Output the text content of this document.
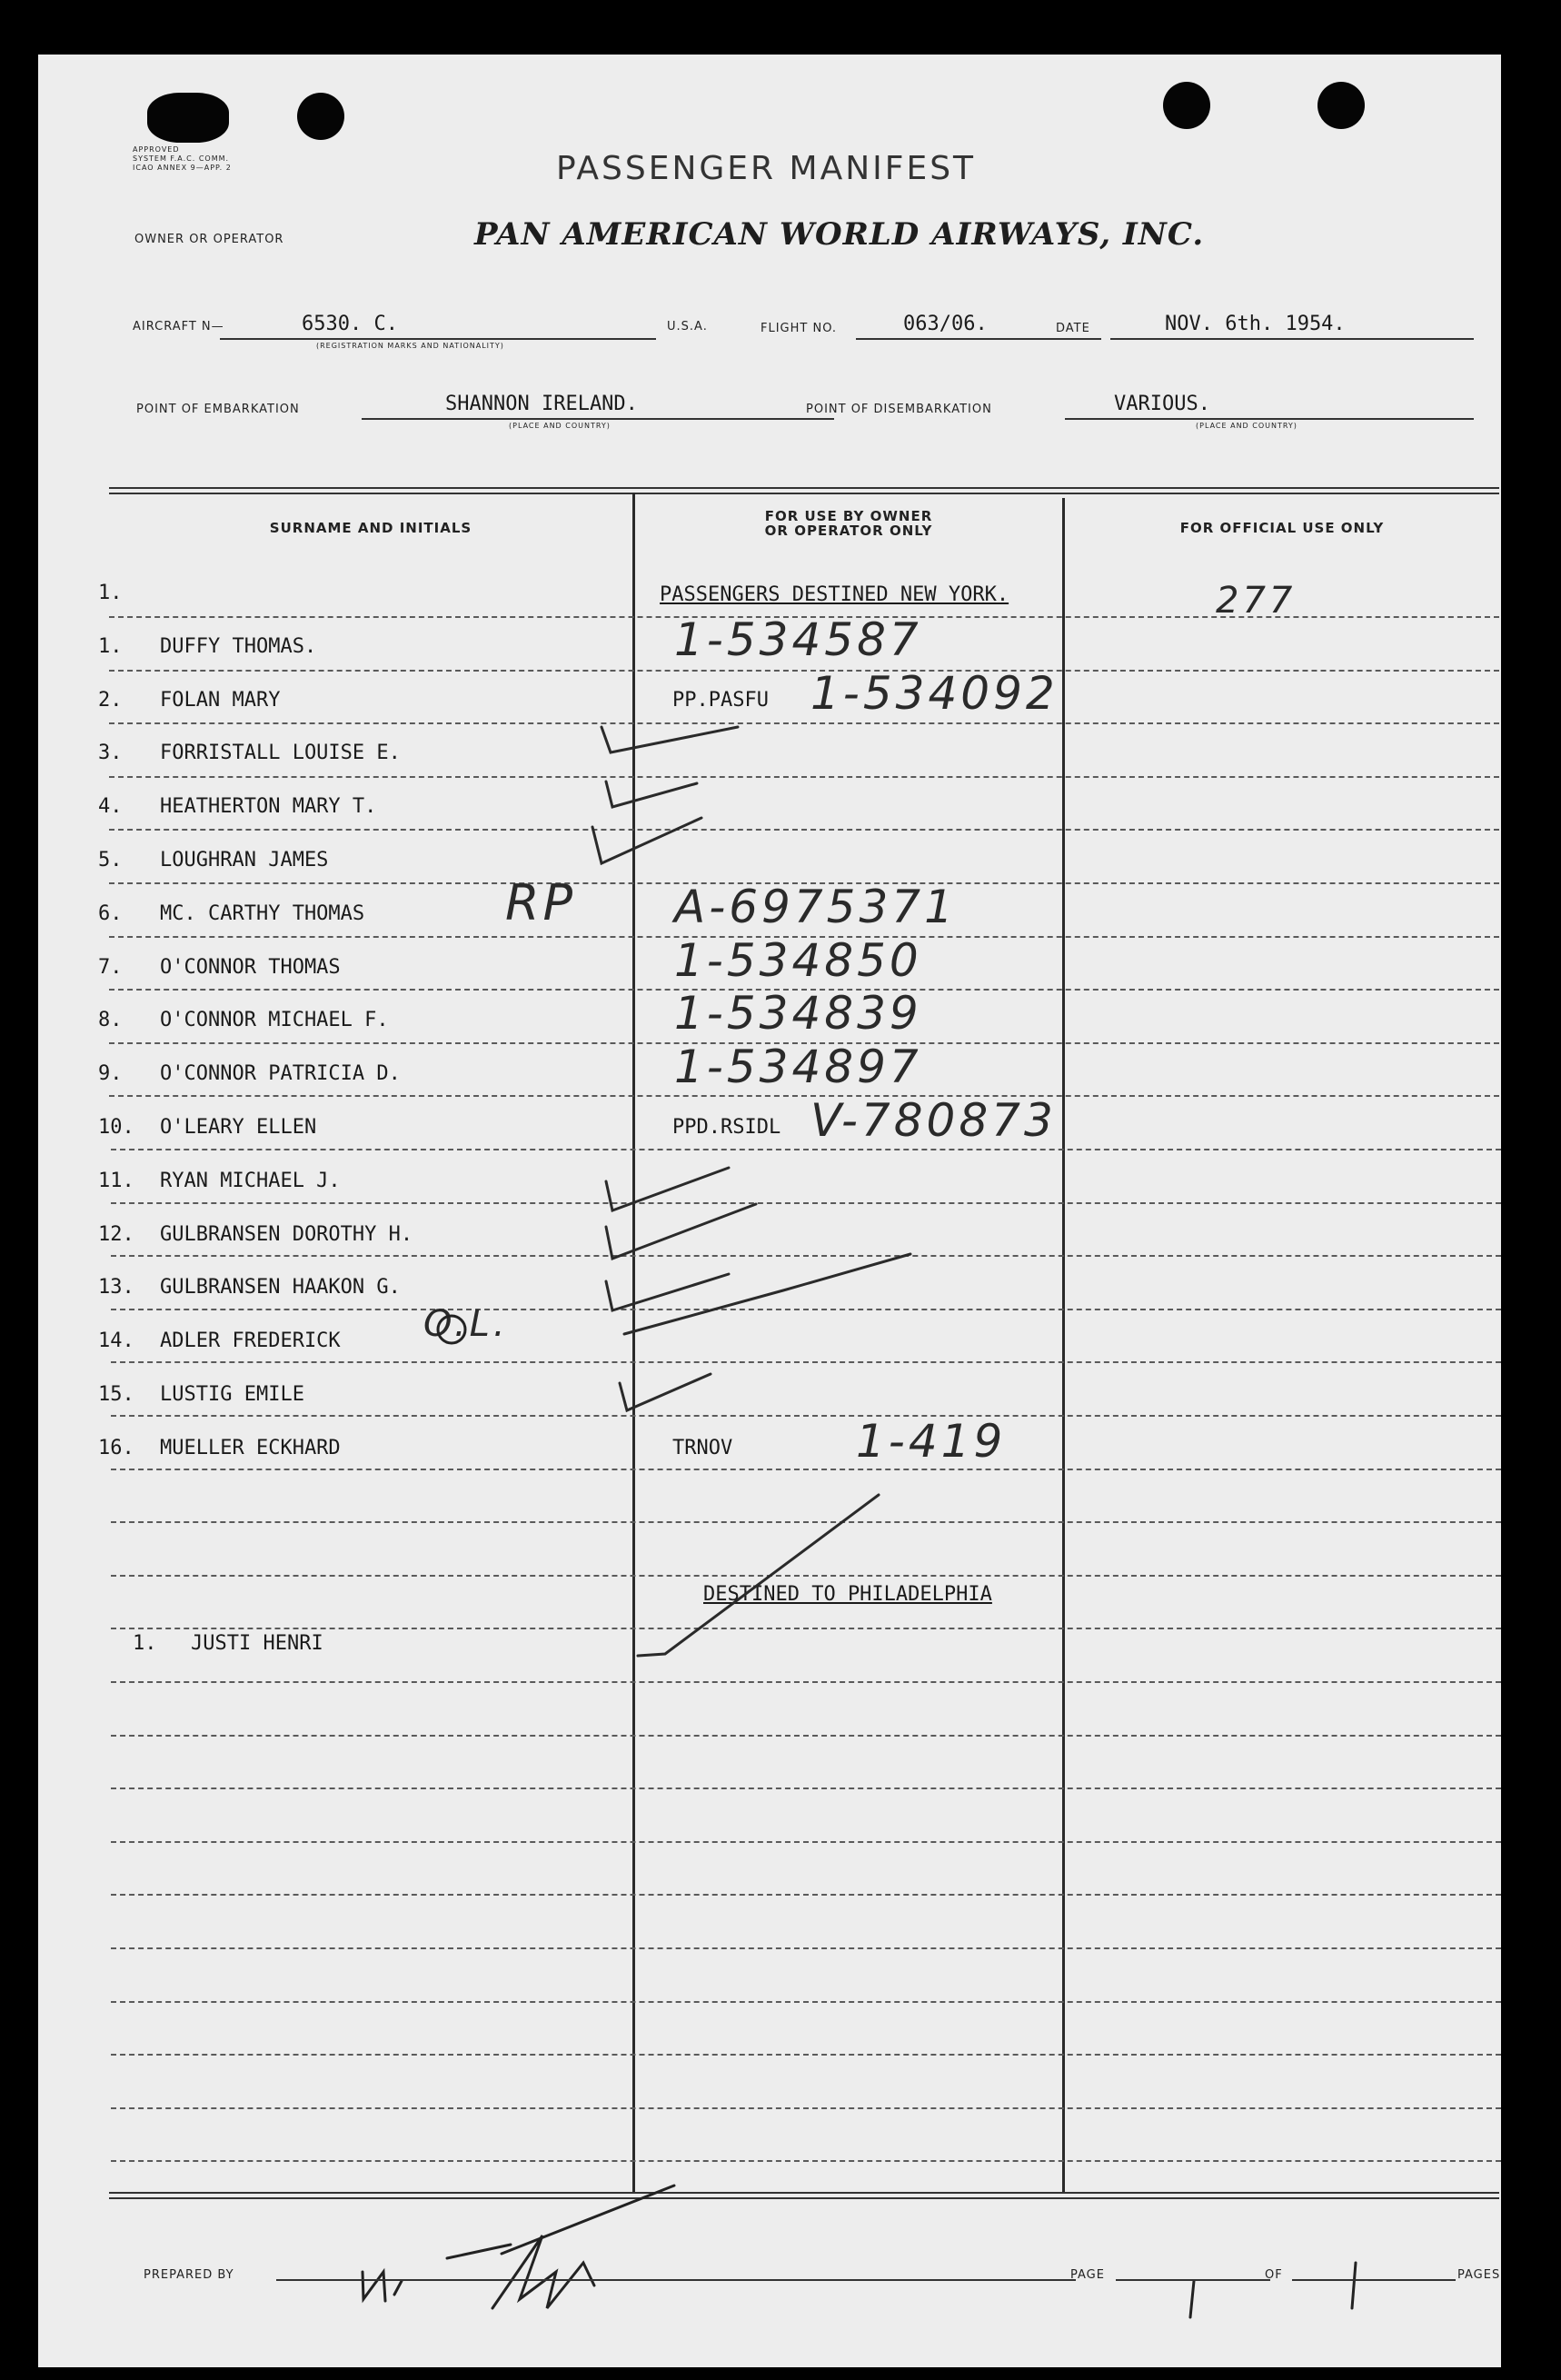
APPROVED
SYSTEM F.A.C. COMM.
ICAO ANNEX 9—APP. 2	PASSENGER MANIFEST
OWNER OR OPERATOR	PAN AMERICAN WORLD AIRWAYS, INC.
AIRCRAFT N—	6530. C.
(REGISTRATION MARKS AND NATIONALITY)
U.S.A.	FLIGHT NO.	063/06.	DATE	NOV. 6th. 1954.
POINT OF EMBARKATION	SHANNON IRELAND.
(PLACE AND COUNTRY)
POINT OF DISEMBARKATION	VARIOUS.
(PLACE AND COUNTRY)
SURNAME AND INITIALS
FOR USE BY OWNER
OR OPERATOR ONLY	FOR OFFICIAL USE ONLY
PASSENGERS DESTINED NEW YORK.	277
1.
1. DUFFY THOMAS.	1-534587
2. FOLAN MARY	PP.PASFU 1-534092
3. FORRISTALL LOUISE E.
4. HEATHERTON MARY T.
5. LOUGHRAN JAMES
6. MC. CARTHY THOMAS	A-6975371
7. O'CONNOR THOMAS	1-534850
8. O'CONNOR MICHAEL F.	1-534839
9. O'CONNOR PATRICIA D.	1-534897
10. O'LEARY ELLEN	PPD.RSIDL V-780873
11. RYAN MICHAEL J.
12. GULBRANSEN DOROTHY H.
13. GULBRANSEN HAAKON G.
14. ADLER FREDERICK
15. LUSTIG EMILE
16. MUELLER ECKHARD	TRNOV	1-419
RP
O.L.
DESTINED TO PHILADELPHIA
1. JUSTI HENRI
PREPARED BY	PAGE	OF	PAGES
